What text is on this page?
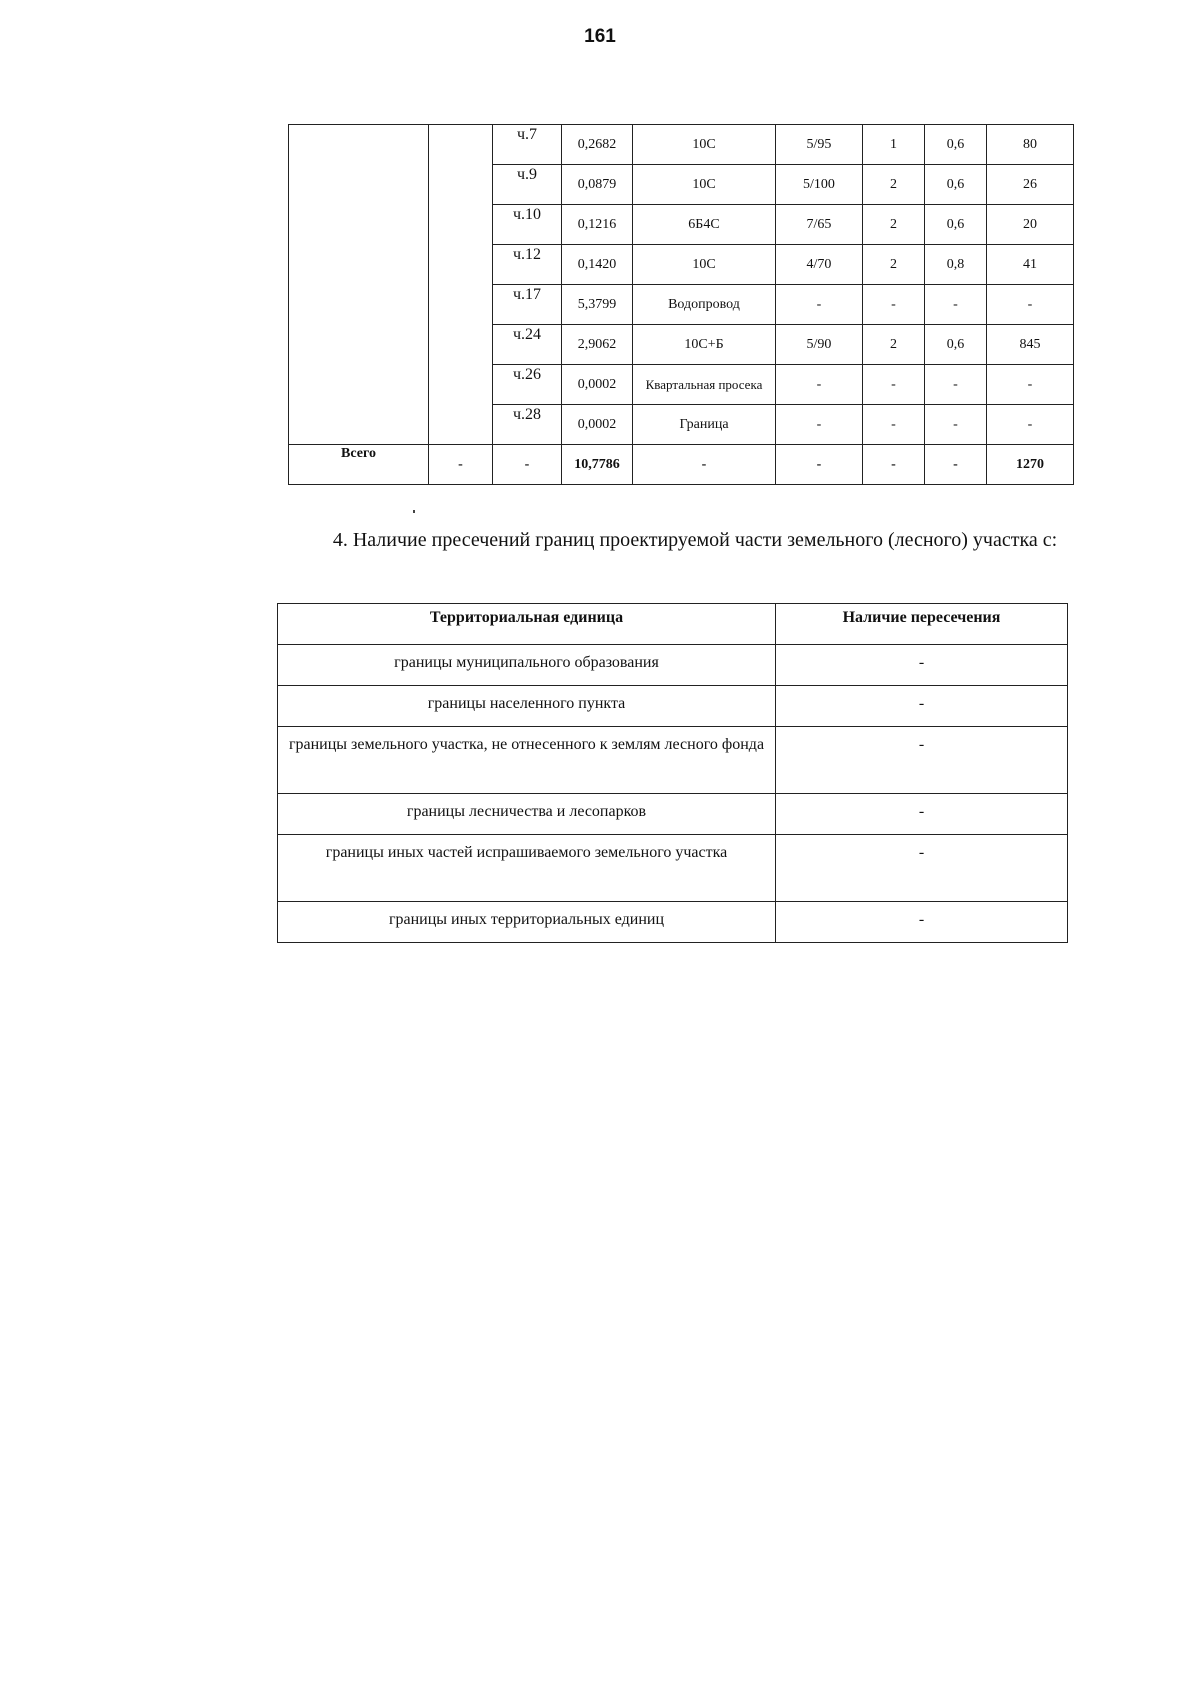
161
		ч.7	0,2682	10С	5/95	1	0,6	80
		ч.9	0,0879	10С	5/100	2	0,6	26
		ч.10	0,1216	6Б4С	7/65	2	0,6	20
		ч.12	0,1420	10С	4/70	2	0,8	41
		ч.17	5,3799	Водопровод	-	-	-	-
		ч.24	2,9062	10С+Б	5/90	2	0,6	845
		ч.26	0,0002	Квартальная просека	-	-	-	-
		ч.28	0,0002	Граница	-	-	-	-
Всего	-	-	10,7786	-	-	-	-	1270
4. Наличие пресечений границ проектируемой части земельного (лесного) участка с:
Территориальная единица	Наличие пересечения
границы муниципального образования	-
границы населенного пункта	-
границы земельного участка, не отнесенного к землям лесного фонда	-
границы лесничества и лесопарков	-
границы иных частей испрашиваемого земельного участка	-
границы иных территориальных единиц	-
